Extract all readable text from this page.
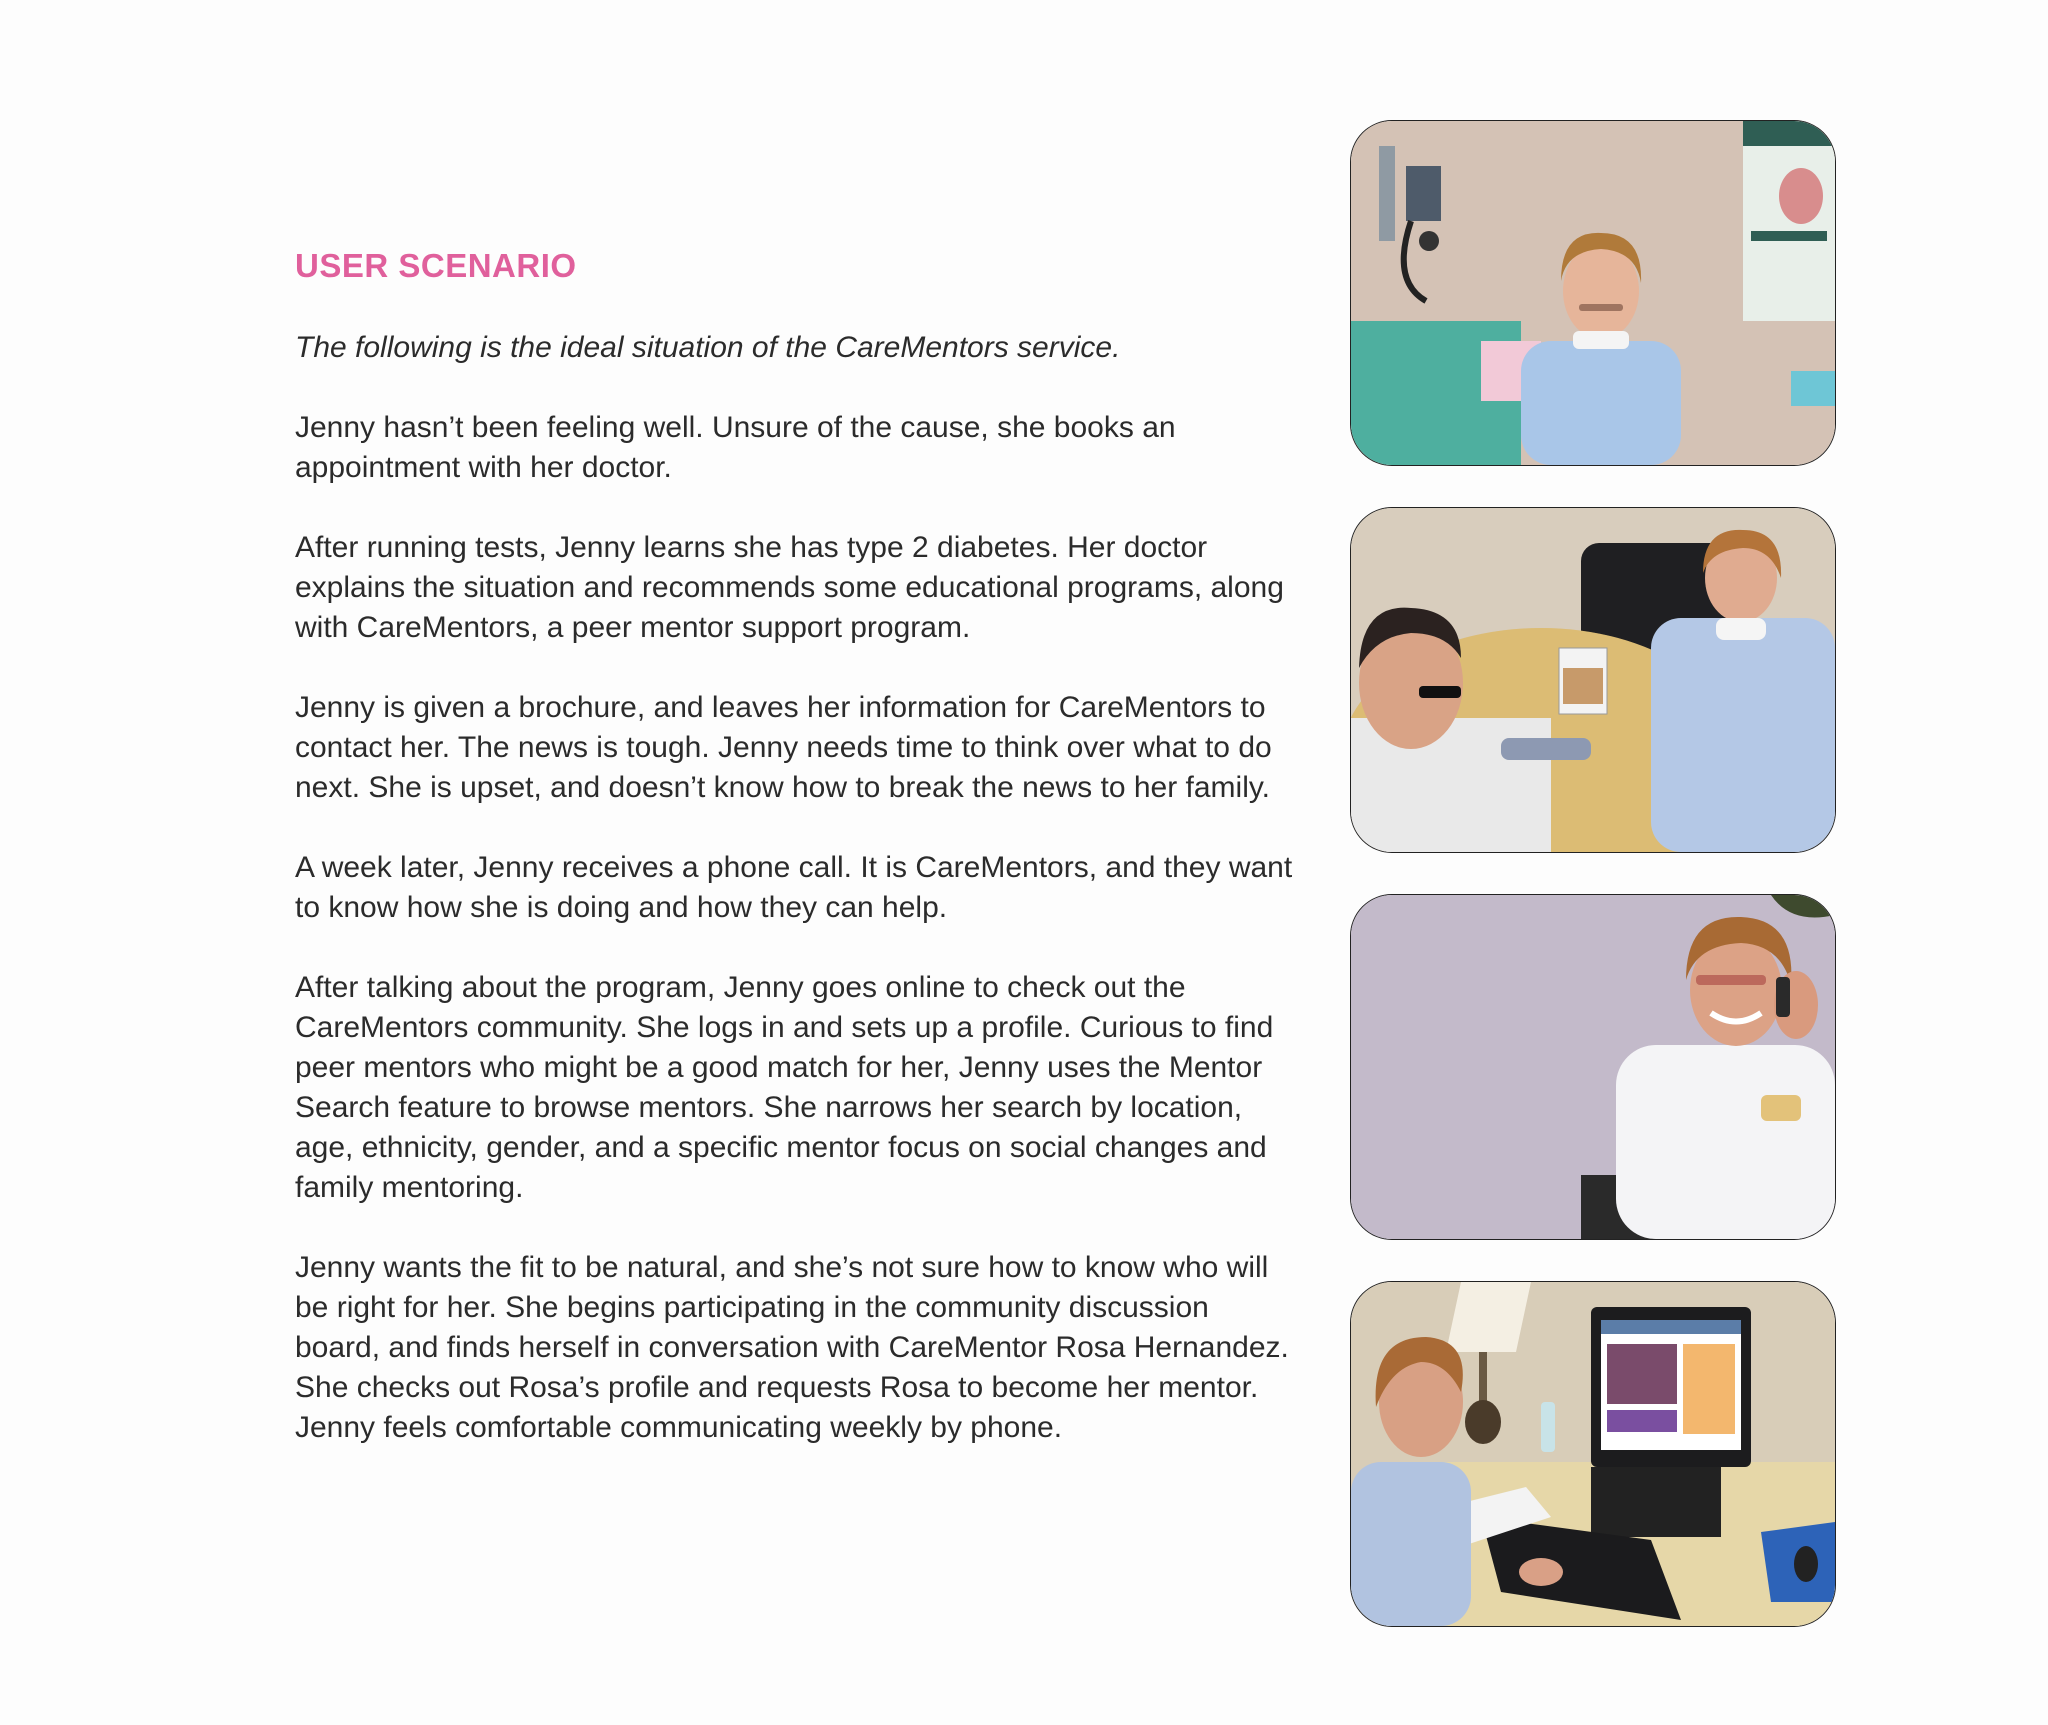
USER SCENARIO

The following is the ideal situation of the CareMentors service.

Jenny hasn’t been feeling well. Unsure of the cause, she books an appointment with her doctor.

After running tests, Jenny learns she has type 2 diabetes. Her doctor explains the situation and recommends some educational programs, along with CareMentors, a peer mentor support program.

Jenny is given a brochure, and leaves her information for CareMentors to contact her. The news is tough. Jenny needs time to think over what to do next. She is upset, and doesn’t know how to break the news to her family.

A week later, Jenny receives a phone call. It is CareMentors, and they want to know how she is doing and how they can help.

After talking about the program, Jenny goes online to check out the CareMentors community. She logs in and sets up a profile. Curious to find peer mentors who might be a good match for her, Jenny uses the Mentor Search feature to browse mentors. She narrows her search by location, age, ethnicity, gender, and a specific mentor focus on social changes and family mentoring.

Jenny wants the fit to be natural, and she’s not sure how to know who will be right for her. She begins participating in the community discussion board, and finds herself in conversation with CareMentor Rosa Hernandez. She checks out Rosa’s profile and requests Rosa to become her mentor. Jenny feels comfortable communicating weekly by phone.
